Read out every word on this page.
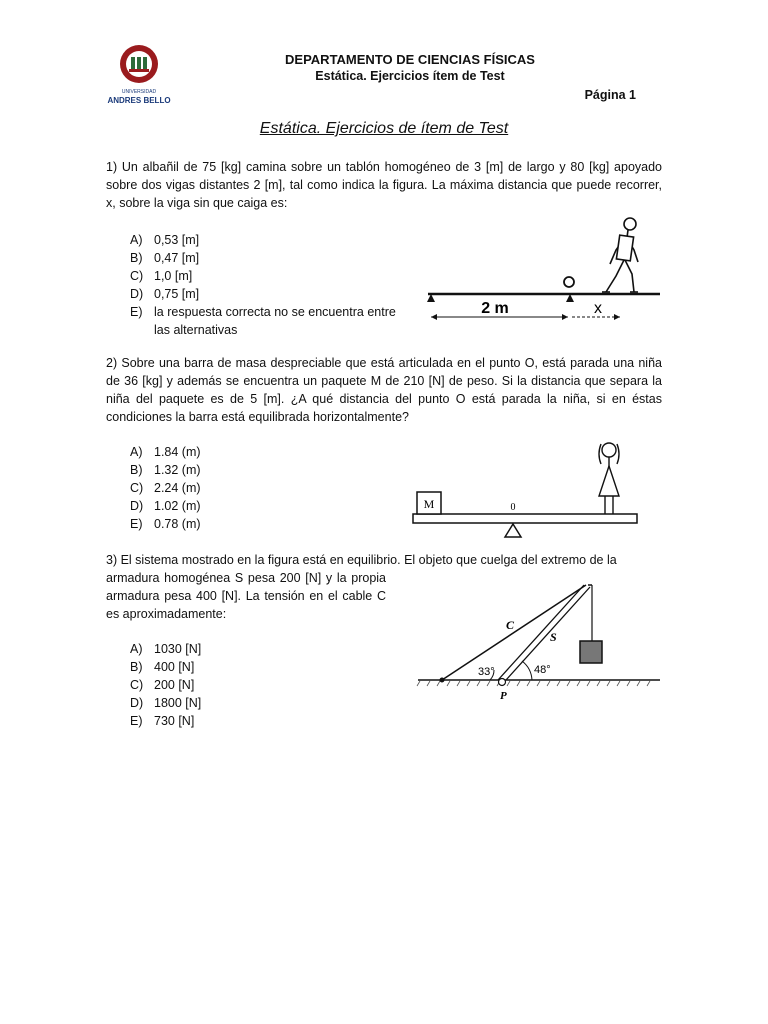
UNIVERSIDAD
ANDRES BELLO
DEPARTAMENTO DE CIENCIAS FÍSICAS
Estática. Ejercicios ítem de Test
Página 1
Estática. Ejercicios de ítem de Test
1) Un albañil de 75 [kg] camina sobre un tablón homogéneo de 3 [m] de largo y 80 [kg] apoyado sobre dos vigas distantes 2 [m], tal como indica la figura. La máxima distancia que puede recorrer, x, sobre la viga sin que caiga es:
A) 0,53 [m]
B) 0,47 [m]
C) 1,0 [m]
D) 0,75 [m]
E) la respuesta correcta no se encuentra entre las alternativas
2 m	x
2) Sobre una barra de masa despreciable que está articulada en el punto O, está parada una niña de 36 [kg] y además se encuentra un paquete M de 210 [N] de peso. Si la distancia que separa la niña del paquete es de 5 [m]. ¿A qué distancia del punto O está parada la niña, si en éstas condiciones la barra está equilibrada horizontalmente?
A) 1.84 (m)
B) 1.32 (m)
C) 2.24 (m)
D) 1.02 (m)
E) 0.78 (m)
M	0
3) El sistema mostrado en la figura está en equilibrio. El objeto que cuelga del extremo de la
armadura homogénea S pesa 200 [N] y la propia armadura pesa 400 [N]. La tensión en el cable C es aproximadamente:
A) 1030 [N]
B) 400 [N]
C) 200 [N]
D) 1800 [N]
E) 730 [N]
C
S
33°	48°
P
